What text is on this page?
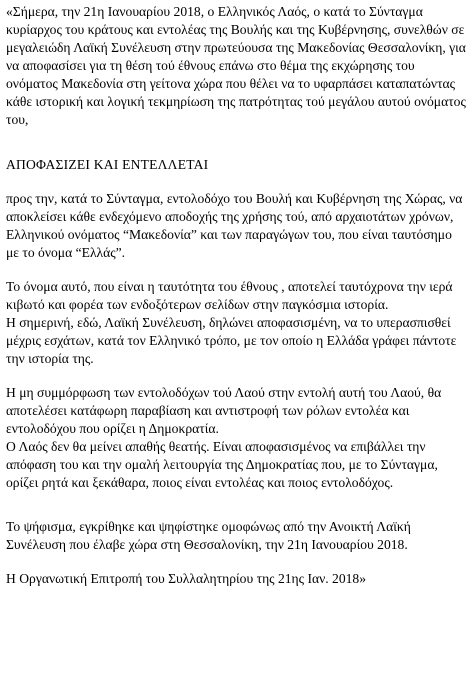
«Σήμερα, την 21η Ιανουαρίου 2018, ο Ελληνικός Λαός, ο κατά το Σύνταγμα κυρίαρχος του κράτους και εντολέας της Βουλής και της Κυβέρνησης, συνελθών σε μεγαλειώδη Λαϊκή Συνέλευση στην πρωτεύουσα της Μακεδονίας Θεσσαλονίκη, για να αποφασίσει για τη θέση τού έθνους επάνω στο θέμα της εκχώρησης του ονόματος Μακεδονία στη γείτονα χώρα που θέλει να το υφαρπάσει καταπατώντας κάθε ιστορική και λογική τεκμηρίωση της πατρότητας τού μεγάλου αυτού ονόματος του,

ΑΠΟΦΑΣΙΖΕΙ ΚΑΙ ΕΝΤΕΛΛΕΤΑΙ

προς την, κατά το Σύνταγμα, εντολοδόχο του Βουλή και Κυβέρνηση της Χώρας, να αποκλείσει κάθε ενδεχόμενο αποδοχής της χρήσης τού, από αρχαιοτάτων χρόνων, Ελληνικού ονόματος “Μακεδονία” και των παραγώγων του, που είναι ταυτόσημο με το όνομα “Ελλάς”.

Το όνομα αυτό, που είναι η ταυτότητα του έθνους , αποτελεί ταυτόχρονα την ιερά κιβωτό και φορέα των ενδοξότερων σελίδων στην παγκόσμια ιστορία.

Η σημερινή, εδώ, Λαϊκή Συνέλευση, δηλώνει αποφασισμένη, να το υπερασπισθεί μέχρις εσχάτων, κατά τον Ελληνικό τρόπο, με τον οποίο η Ελλάδα γράφει πάντοτε την ιστορία της.

Η μη συμμόρφωση των εντολοδόχων τού Λαού στην εντολή αυτή του Λαού, θα αποτελέσει κατάφωρη παραβίαση και αντιστροφή των ρόλων εντολέα και εντολοδόχου που ορίζει η Δημοκρατία.

Ο Λαός δεν θα μείνει απαθής θεατής. Είναι αποφασισμένος να επιβάλλει την απόφαση του και την ομαλή λειτουργία της Δημοκρατίας που, με το Σύνταγμα, ορίζει ρητά και ξεκάθαρα, ποιος είναι εντολέας και ποιος εντολοδόχος.

Το ψήφισμα, εγκρίθηκε και ψηφίστηκε ομοφώνως από την Ανοικτή Λαϊκή Συνέλευση που έλαβε χώρα στη Θεσσαλονίκη, την 21η Ιανουαρίου 2018.

Η Οργανωτική Επιτροπή του Συλλαλητηρίου της 21ης Ιαν. 2018»
